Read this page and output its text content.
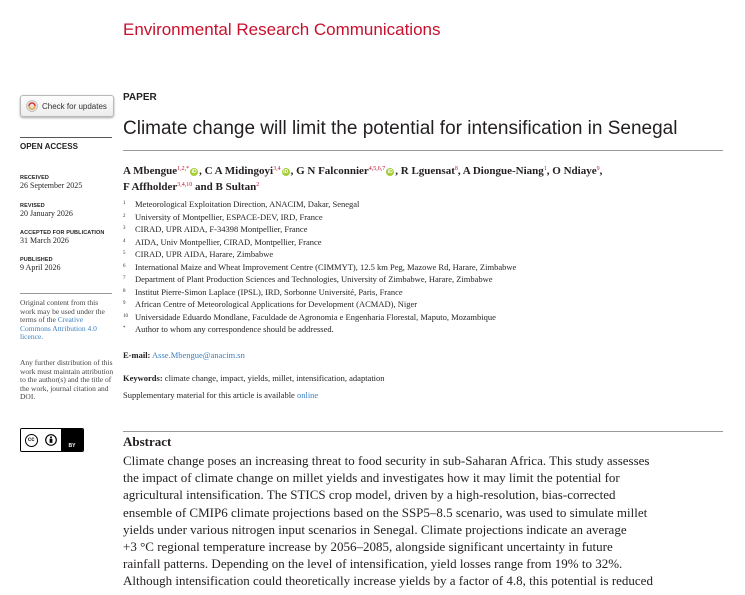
Environmental Research Communications
Check for updates
OPEN ACCESS
RECEIVED
26 September 2025
REVISED
20 January 2026
ACCEPTED FOR PUBLICATION
31 March 2026
PUBLISHED
9 April 2026
Original content from this work may be used under the terms of the Creative Commons Attribution 4.0 licence.
Any further distribution of this work must maintain attribution to the author(s) and the title of the work, journal citation and DOI.
cc
BY
PAPER
Climate change will limit the potential for intensification in Senegal
A Mbengue$^{1,2,*}$ iD , C A Midingoyi$^{3,4}$ iD , G N Falconnier$^{4,5,6,7}$ iD , R Lguensat$^8$, A Diongue-Niang$^1$, O Ndiaye$^9$,
F Affholder$^{3,4,10}$ and B Sultan$^2$
1 Meteorological Exploitation Direction, ANACIM, Dakar, Senegal
2 University of Montpellier, ESPACE-DEV, IRD, France
3 CIRAD, UPR AIDA, F-34398 Montpellier, France
4 AIDA, Univ Montpellier, CIRAD, Montpellier, France
5 CIRAD, UPR AIDA, Harare, Zimbabwe
6 International Maize and Wheat Improvement Centre (CIMMYT), 12.5 km Peg, Mazowe Rd, Harare, Zimbabwe
7 Department of Plant Production Sciences and Technologies, University of Zimbabwe, Harare, Zimbabwe
8 Institut Pierre-Simon Laplace (IPSL), IRD, Sorbonne Université, Paris, France
9 African Centre of Meteorological Applications for Development (ACMAD), Niger
10 Universidade Eduardo Mondlane, Faculdade de Agronomia e Engenharia Florestal, Maputo, Mozambique
* Author to whom any correspondence should be addressed.
E-mail: Asse.Mbengue@anacim.sn
Keywords: climate change, impact, yields, millet, intensification, adaptation
Supplementary material for this article is available online
Abstract
Climate change poses an increasing threat to food security in sub-Saharan Africa. This study assesses
the impact of climate change on millet yields and investigates how it may limit the potential for
agricultural intensification. The STICS crop model, driven by a high-resolution, bias-corrected
ensemble of CMIP6 climate projections based on the SSP5–8.5 scenario, was used to simulate millet
yields under various nitrogen input scenarios in Senegal. Climate projections indicate an average
+3 °C regional temperature increase by 2056–2085, alongside significant uncertainty in future
rainfall patterns. Depending on the level of intensification, yield losses range from 19% to 32%.
Although intensification could theoretically increase yields by a factor of 4.8, this potential is reduced
